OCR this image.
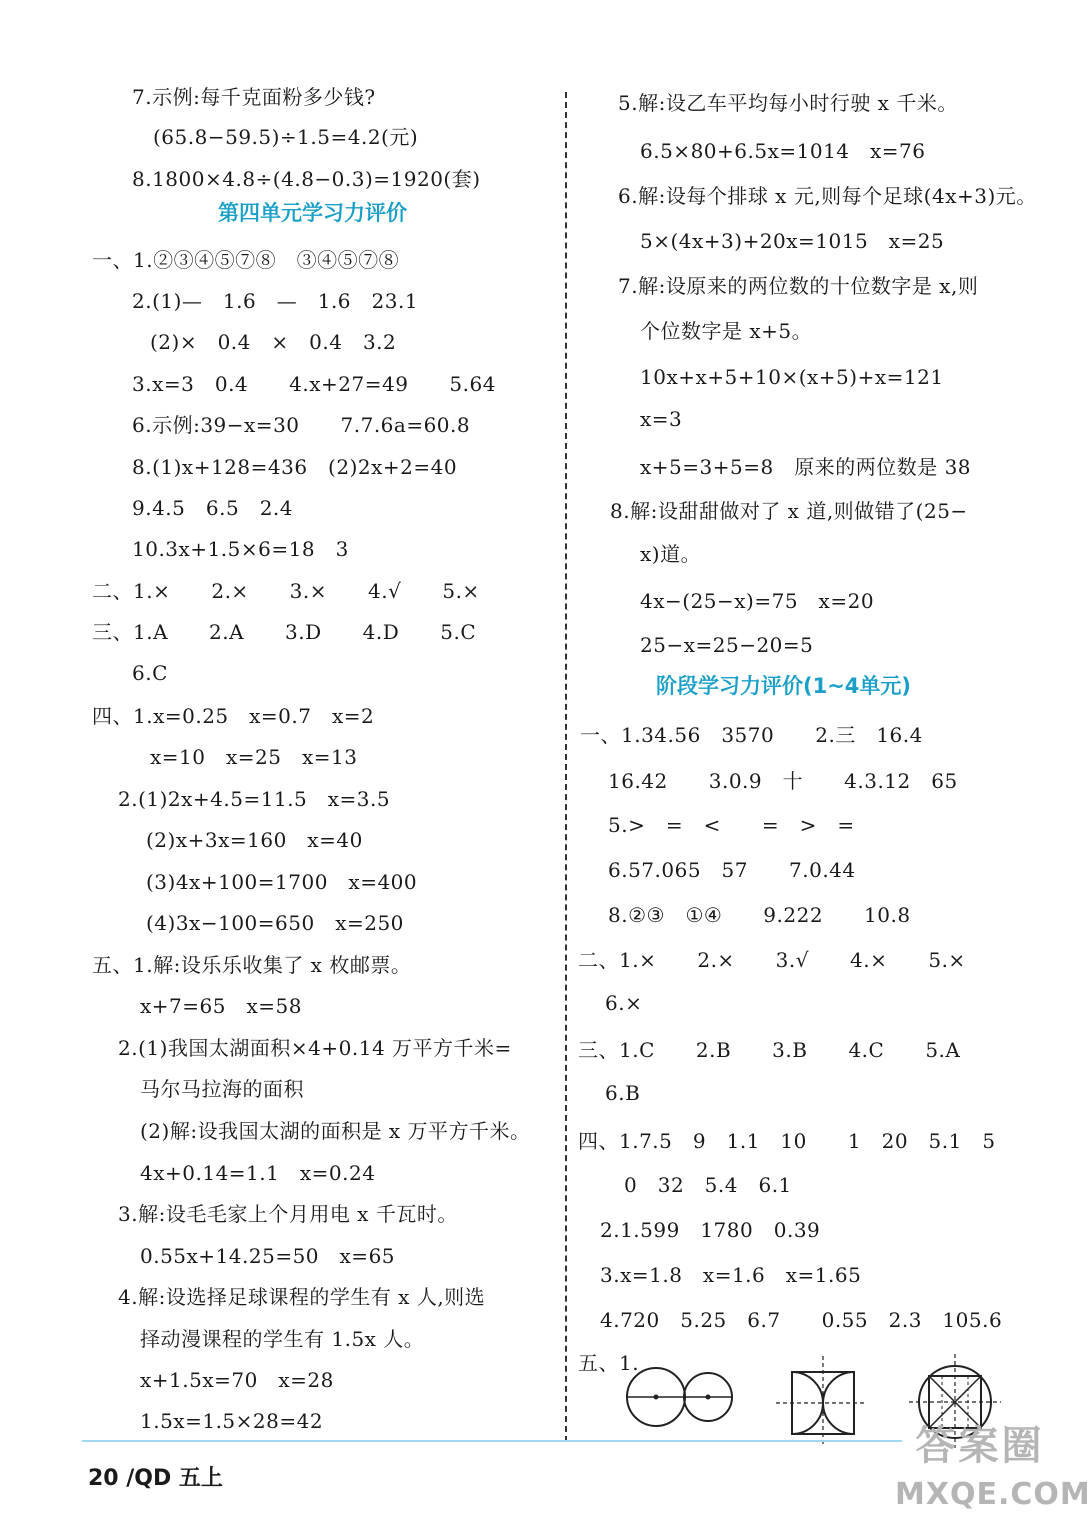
7.示例:每千克面粉多少钱?
(65.8−59.5)÷1.5=4.2(元)
8.1800×4.8÷(4.8−0.3)=1920(套)
第四单元学习力评价
一、1.②③④⑤⑦⑧　③④⑤⑦⑧
2.(1)—　1.6　—　1.6　23.1
(2)×　0.4　×　0.4　3.2
3.x=3　0.4　　4.x+27=49　　5.64
6.示例:39−x=30　　7.7.6a=60.8
8.(1)x+128=436　(2)2x+2=40
9.4.5　6.5　2.4
10.3x+1.5×6=18　3
二、1.×　　2.×　　3.×　　4.√　　5.×
三、1.A　　2.A　　3.D　　4.D　　5.C
6.C
四、1.x=0.25　x=0.7　x=2
x=10　x=25　x=13
2.(1)2x+4.5=11.5　x=3.5
(2)x+3x=160　x=40
(3)4x+100=1700　x=400
(4)3x−100=650　x=250
五、1.解:设乐乐收集了 x 枚邮票。
x+7=65　x=58
2.(1)我国太湖面积×4+0.14 万平方千米=
马尔马拉海的面积
(2)解:设我国太湖的面积是 x 万平方千米。
4x+0.14=1.1　x=0.24
3.解:设毛毛家上个月用电 x 千瓦时。
0.55x+14.25=50　x=65
4.解:设选择足球课程的学生有 x 人,则选
择动漫课程的学生有 1.5x 人。
x+1.5x=70　x=28
1.5x=1.5×28=42
5.解:设乙车平均每小时行驶 x 千米。
6.5×80+6.5x=1014　x=76
6.解:设每个排球 x 元,则每个足球(4x+3)元。
5×(4x+3)+20x=1015　x=25
7.解:设原来的两位数的十位数字是 x,则
个位数字是 x+5。
10x+x+5+10×(x+5)+x=121
x=3
x+5=3+5=8　原来的两位数是 38
8.解:设甜甜做对了 x 道,则做错了(25−
x)道。
4x−(25−x)=75　x=20
25−x=25−20=5
阶段学习力评价(1~4单元)
一、1.34.56　3570　　2.三　16.4
16.42　　3.0.9　十　　4.3.12　65
5.>　=　<　　=　>　=
6.57.065　57　　7.0.44
8.②③　①④　　9.222　　10.8
二、1.×　　2.×　　3.√　　4.×　　5.×
6.×
三、1.C　　2.B　　3.B　　4.C　　5.A
6.B
四、1.7.5　9　1.1　10　　1　20　5.1　5
0　32　5.4　6.1
2.1.599　1780　0.39
3.x=1.8　x=1.6　x=1.65
4.720　5.25　6.7　　0.55　2.3　105.6
五、1.
20 /QD 五上
答案圈
MXQE.COM
